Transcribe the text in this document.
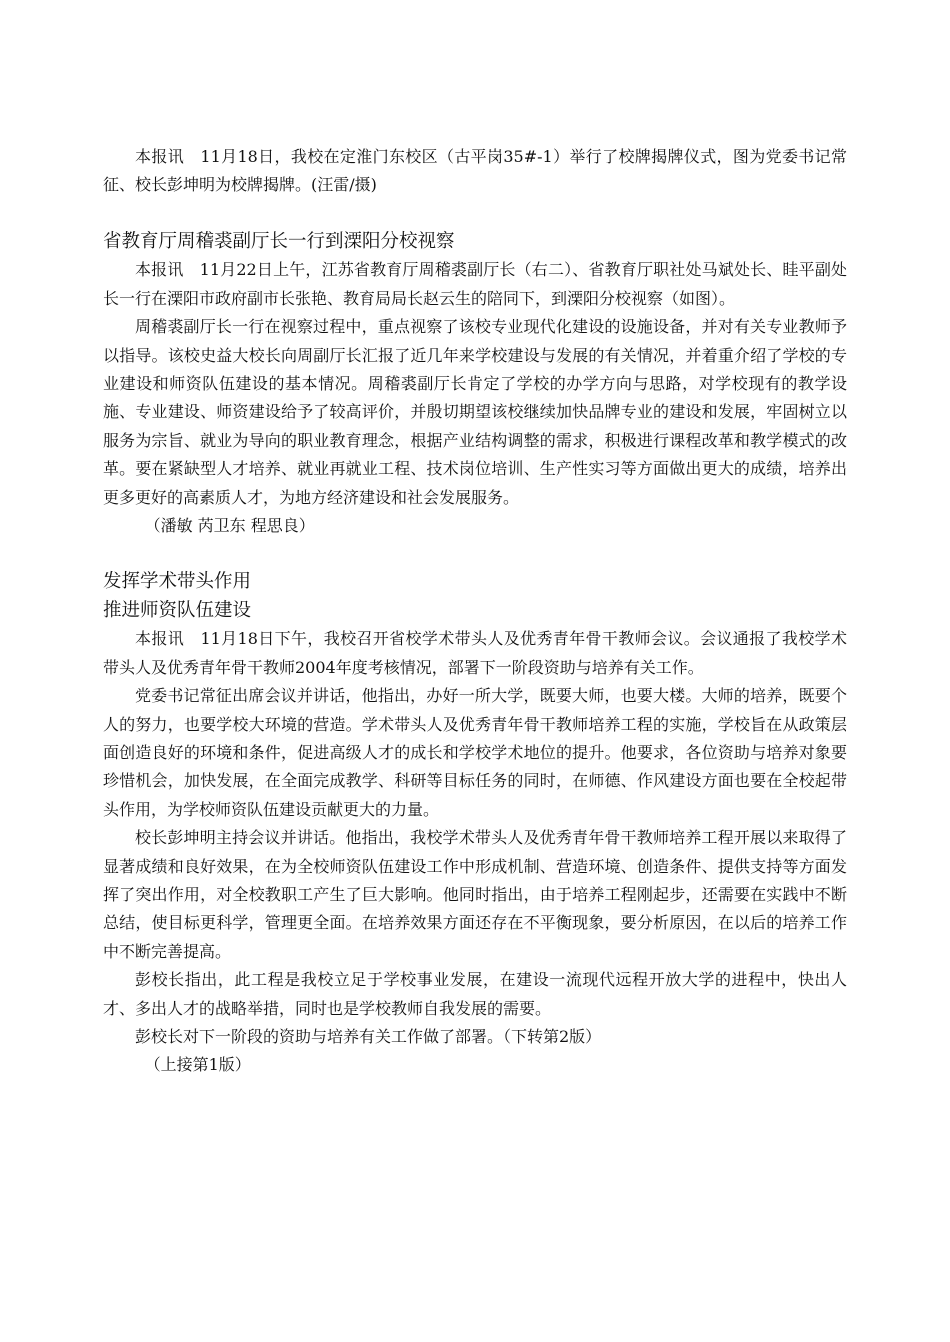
本报讯　11月18日，我校在定淮门东校区（古平岗35#-1）举行了校牌揭牌仪式，图为党委书记常征、校长彭坤明为校牌揭牌。(汪雷/摄)

省教育厅周稽裘副厅长一行到溧阳分校视察

本报讯　11月22日上午，江苏省教育厅周稽裘副厅长（右二）、省教育厅职社处马斌处长、眭平副处长一行在溧阳市政府副市长张艳、教育局局长赵云生的陪同下，到溧阳分校视察（如图）。

周稽裘副厅长一行在视察过程中，重点视察了该校专业现代化建设的设施设备，并对有关专业教师予以指导。该校史益大校长向周副厅长汇报了近几年来学校建设与发展的有关情况，并着重介绍了学校的专业建设和师资队伍建设的基本情况。周稽裘副厅长肯定了学校的办学方向与思路，对学校现有的教学设施、专业建设、师资建设给予了较高评价，并殷切期望该校继续加快品牌专业的建设和发展，牢固树立以服务为宗旨、就业为导向的职业教育理念，根据产业结构调整的需求，积极进行课程改革和教学模式的改革。要在紧缺型人才培养、就业再就业工程、技术岗位培训、生产性实习等方面做出更大的成绩，培养出更多更好的高素质人才，为地方经济建设和社会发展服务。

（潘敏 芮卫东 程思良）

发挥学术带头作用
推进师资队伍建设

本报讯　11月18日下午，我校召开省校学术带头人及优秀青年骨干教师会议。会议通报了我校学术带头人及优秀青年骨干教师2004年度考核情况，部署下一阶段资助与培养有关工作。

党委书记常征出席会议并讲话，他指出，办好一所大学，既要大师，也要大楼。大师的培养，既要个人的努力，也要学校大环境的营造。学术带头人及优秀青年骨干教师培养工程的实施，学校旨在从政策层面创造良好的环境和条件，促进高级人才的成长和学校学术地位的提升。他要求，各位资助与培养对象要珍惜机会，加快发展，在全面完成教学、科研等目标任务的同时，在师德、作风建设方面也要在全校起带头作用，为学校师资队伍建设贡献更大的力量。

校长彭坤明主持会议并讲话。他指出，我校学术带头人及优秀青年骨干教师培养工程开展以来取得了显著成绩和良好效果，在为全校师资队伍建设工作中形成机制、营造环境、创造条件、提供支持等方面发挥了突出作用，对全校教职工产生了巨大影响。他同时指出，由于培养工程刚起步，还需要在实践中不断总结，使目标更科学，管理更全面。在培养效果方面还存在不平衡现象，要分析原因，在以后的培养工作中不断完善提高。

彭校长指出，此工程是我校立足于学校事业发展，在建设一流现代远程开放大学的进程中，快出人才、多出人才的战略举措，同时也是学校教师自我发展的需要。

彭校长对下一阶段的资助与培养有关工作做了部署。（下转第2版）

（上接第1版）
